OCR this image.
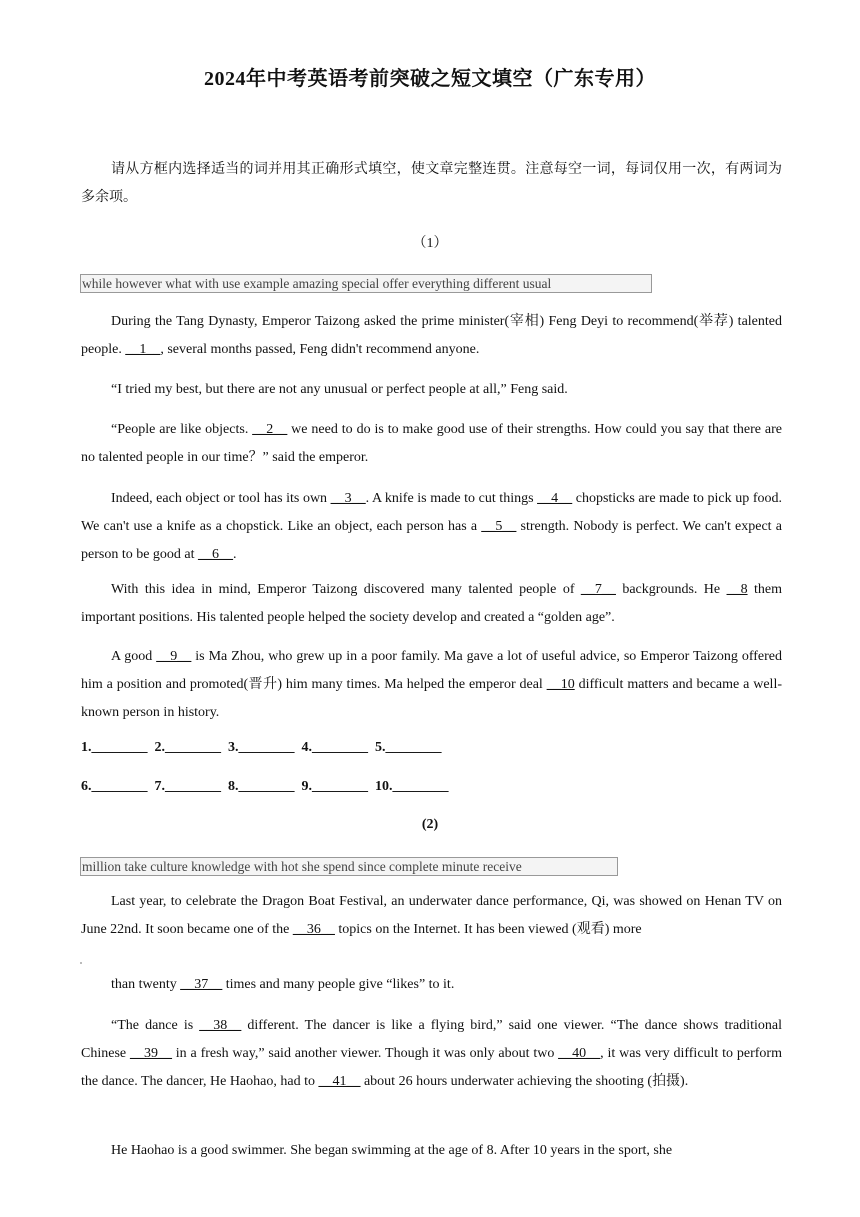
2024年中考英语考前突破之短文填空（广东专用）

请从方框内选择适当的词并用其正确形式填空，使文章完整连贯。注意每空一词，每词仅用一次，有两词为多余项。

（1）
while however what with use example amazing special offer everything different usual

During the Tang Dynasty, Emperor Taizong asked the prime minister(宰相) Feng Deyi to recommend(举荐) talented people. __1__, several months passed, Feng didn't recommend anyone.

“I tried my best, but there are not any unusual or perfect people at all,” Feng said.

“People are like objects. __2__ we need to do is to make good use of their strengths. How could you say that there are no talented people in our time？” said the emperor.

Indeed, each object or tool has its own __3__. A knife is made to cut things __4__ chopsticks are made to pick up food. We can't use a knife as a chopstick. Like an object, each person has a __5__ strength. Nobody is perfect. We can't expect a person to be good at __6__.

With this idea in mind, Emperor Taizong discovered many talented people of __7__ backgrounds. He __8 them important positions. His talented people helped the society develop and created a “golden age”.

A good __9__ is Ma Zhou, who grew up in a poor family. Ma gave a lot of useful advice, so Emperor Taizong offered him a position and promoted(晋升) him many times. Ma helped the emperor deal __10 difficult matters and became a well-known person in history.

1.________  2.________  3.________  4.________  5.________
6.________  7.________  8.________  9.________  10.________
(2)
million take culture knowledge with hot she spend since complete minute receive

Last year, to celebrate the Dragon Boat Festival, an underwater dance performance, Qi, was showed on Henan TV on June 22nd. It soon became one of the __36__ topics on the Internet. It has been viewed (观看) more

than twenty __37__ times and many people give “likes” to it.

“The dance is __38__ different. The dancer is like a flying bird,” said one viewer. “The dance shows traditional Chinese __39__ in a fresh way,” said another viewer. Though it was only about two __40__, it was very difficult to perform the dance. The dancer, He Haohao, had to __41__ about 26 hours underwater achieving the shooting (拍摄).

He Haohao is a good swimmer. She began swimming at the age of 8. After 10 years in the sport, she
